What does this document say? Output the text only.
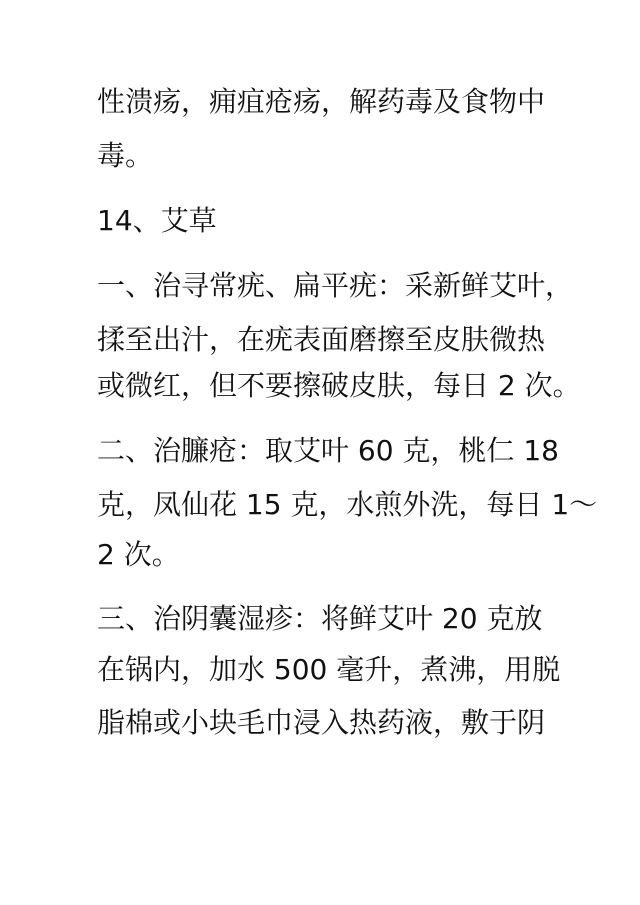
性溃疡，痈疽疮疡，解药毒及食物中
毒。
14、艾草
一、治寻常疣、扁平疣：采新鲜艾叶，
揉至出汁，在疣表面磨擦至皮肤微热
或微红，但不要擦破皮肤，每日 2 次。
二、治臁疮：取艾叶 60 克，桃仁 18
克，凤仙花 15 克，水煎外洗，每日 1～
2 次。
三、治阴囊湿疹：将鲜艾叶 20 克放
在锅内，加水 500 毫升，煮沸，用脱
脂棉或小块毛巾浸入热药液，敷于阴
